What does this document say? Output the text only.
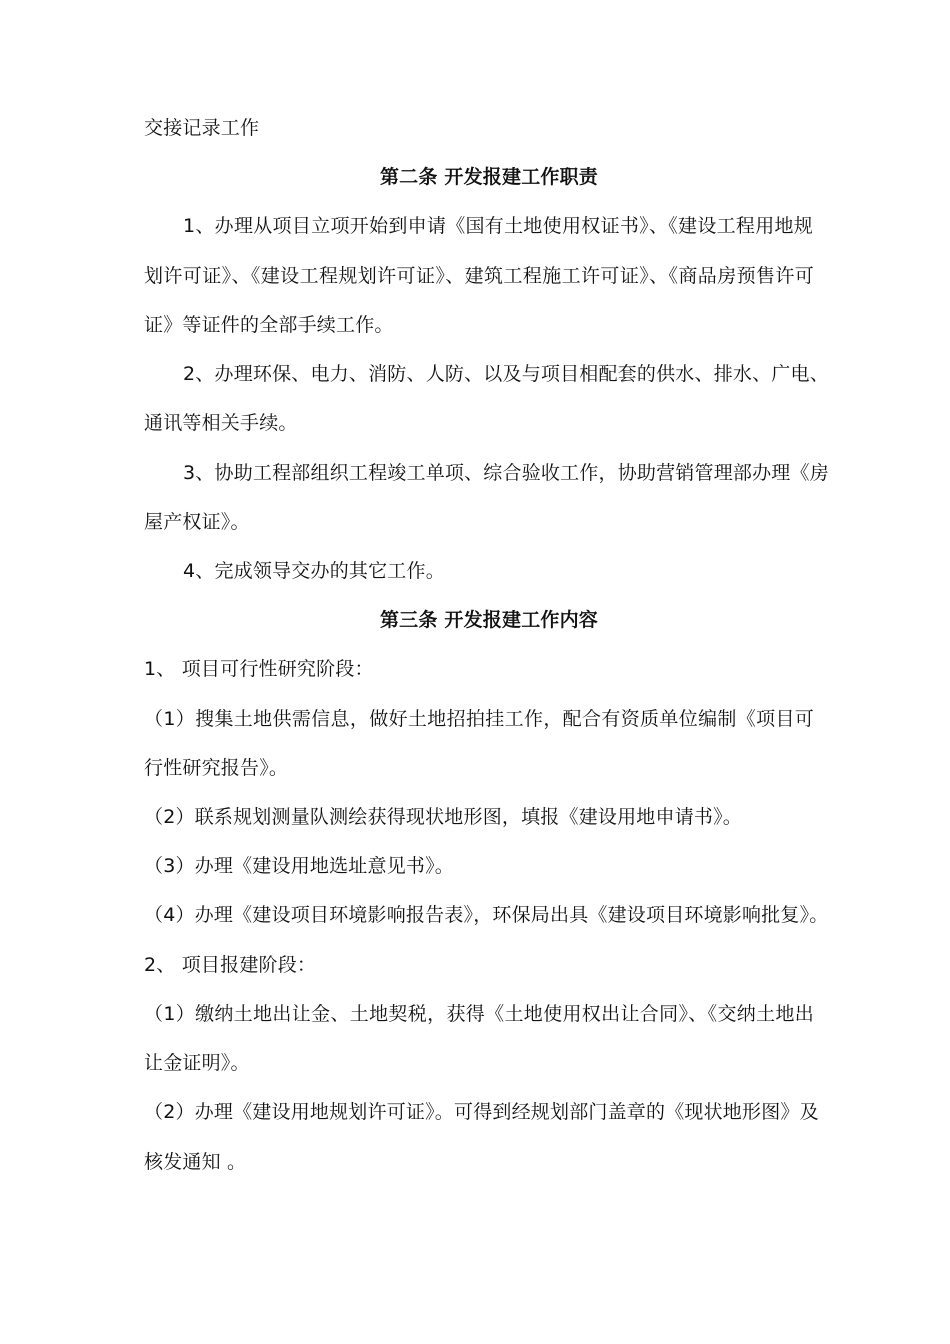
交接记录工作
第二条 开发报建工作职责
1、办理从项目立项开始到申请《国有土地使用权证书》、《建设工程用地规
划许可证》、《建设工程规划许可证》、建筑工程施工许可证》、《商品房预售许可
证》等证件的全部手续工作。
2、办理环保、电力、消防、人防、以及与项目相配套的供水、排水、广电、
通讯等相关手续。
3、协助工程部组织工程竣工单项、综合验收工作，协助营销管理部办理《房
屋产权证》。
4、完成领导交办的其它工作。
第三条 开发报建工作内容
1、 项目可行性研究阶段：
（1）搜集土地供需信息，做好土地招拍挂工作，配合有资质单位编制《项目可
行性研究报告》。
（2）联系规划测量队测绘获得现状地形图，填报《建设用地申请书》。
（3）办理《建设用地选址意见书》。
（4）办理《建设项目环境影响报告表》，环保局出具《建设项目环境影响批复》。
2、 项目报建阶段：
（1）缴纳土地出让金、土地契税，获得《土地使用权出让合同》、《交纳土地出
让金证明》。
（2）办理《建设用地规划许可证》。可得到经规划部门盖章的《现状地形图》及
核发通知 。
